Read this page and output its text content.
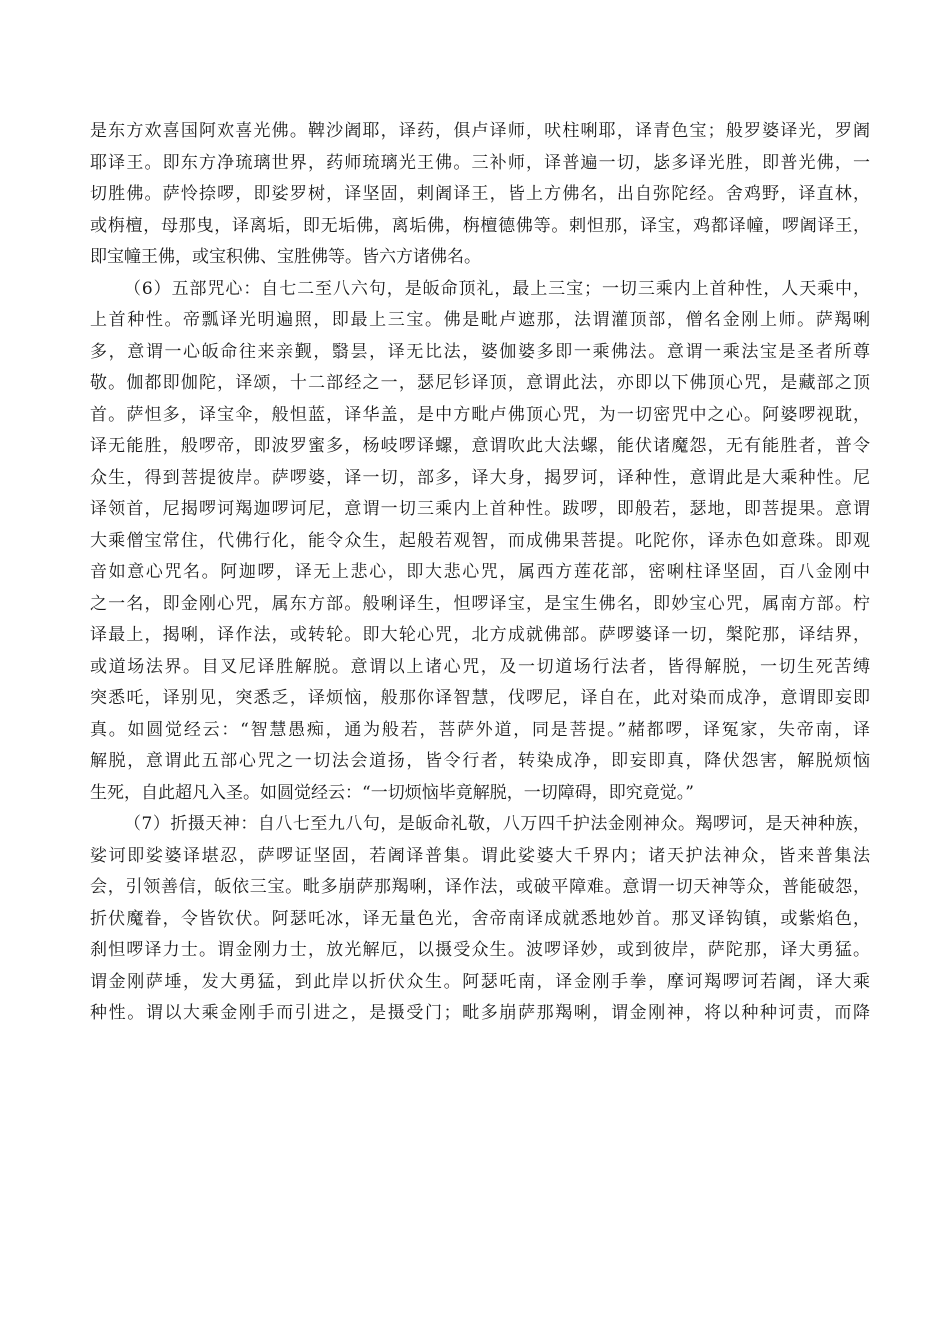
是东方欢喜国阿欢喜光佛。鞞沙阇耶，译药，俱卢译师，吠柱唎耶，译青色宝；般罗婆译光，罗阇
耶译王。即东方净琉璃世界，药师琉璃光王佛。三补师，译普遍一切，毖多译光胜，即普光佛，一
切胜佛。萨怜捺啰，即娑罗树，译坚固，剌阇译王，皆上方佛名，出自弥陀经。舍鸡野，译直林，
或栴檀，母那曳，译离垢，即无垢佛，离垢佛，栴檀德佛等。剌怛那，译宝，鸡都译幢，啰阇译王，
即宝幢王佛，或宝积佛、宝胜佛等。皆六方诸佛名。
（6）五部咒心：自七二至八六句，是皈命顶礼，最上三宝；一切三乘内上首种性，人天乘中，
上首种性。帝瓢译光明遍照，即最上三宝。佛是毗卢遮那，法谓灌顶部，僧名金刚上师。萨羯唎
多，意谓一心皈命往来亲觐，翳昙，译无比法，婆伽婆多即一乘佛法。意谓一乘法宝是圣者所尊
敬。伽都即伽陀，译颂，十二部经之一，瑟尼钐译顶，意谓此法，亦即以下佛顶心咒，是藏部之顶
首。萨怛多，译宝伞，般怛蓝，译华盖，是中方毗卢佛顶心咒，为一切密咒中之心。阿婆啰视耽，
译无能胜，般啰帝，即波罗蜜多，杨岐啰译螺，意谓吹此大法螺，能伏诸魔怨，无有能胜者，普令
众生，得到菩提彼岸。萨啰婆，译一切，部多，译大身，揭罗诃，译种性，意谓此是大乘种性。尼
译领首，尼揭啰诃羯迦啰诃尼，意谓一切三乘内上首种性。跋啰，即般若，瑟地，即菩提果。意谓
大乘僧宝常住，代佛行化，能令众生，起般若观智，而成佛果菩提。叱陀你，译赤色如意珠。即观
音如意心咒名。阿迦啰，译无上悲心，即大悲心咒，属西方莲花部，密唎柱译坚固，百八金刚中
之一名，即金刚心咒，属东方部。般唎译生，怛啰译宝，是宝生佛名，即妙宝心咒，属南方部。柠
译最上，揭唎，译作法，或转轮。即大轮心咒，北方成就佛部。萨啰婆译一切，槃陀那，译结界，
或道场法界。目叉尼译胜解脱。意谓以上诸心咒，及一切道场行法者，皆得解脱，一切生死苦缚
突悉吒，译别见，突悉乏，译烦恼，般那你译智慧，伐啰尼，译自在，此对染而成净，意谓即妄即
真。如圆觉经云：“智慧愚痴，通为般若，菩萨外道，同是菩提。”赭都啰，译冤家，失帝南，译
解脱，意谓此五部心咒之一切法会道扬，皆令行者，转染成净，即妄即真，降伏怨害，解脱烦恼
生死，自此超凡入圣。如圆觉经云：“一切烦恼毕竟解脱，一切障碍，即究竟觉。”
（7）折摄天神：自八七至九八句，是皈命礼敬，八万四千护法金刚神众。羯啰诃，是天神种族，
娑诃即娑婆译堪忍，萨啰证坚固，若阇译普集。谓此娑婆大千界内；诸天护法神众，皆来普集法
会，引领善信，皈依三宝。毗多崩萨那羯唎，译作法，或破平障难。意谓一切天神等众，普能破怨，
折伏魔眷，令皆钦伏。阿瑟吒冰，译无量色光，舍帝南译成就悉地妙首。那叉译钩镇，或紫焰色，
刹怛啰译力士。谓金刚力士，放光解厄，以摄受众生。波啰译妙，或到彼岸，萨陀那，译大勇猛。
谓金刚萨埵，发大勇猛，到此岸以折伏众生。阿瑟吒南，译金刚手拳，摩诃羯啰诃若阇，译大乘
种性。谓以大乘金刚手而引进之，是摄受门；毗多崩萨那羯唎，谓金刚神，将以种种诃责，而降
